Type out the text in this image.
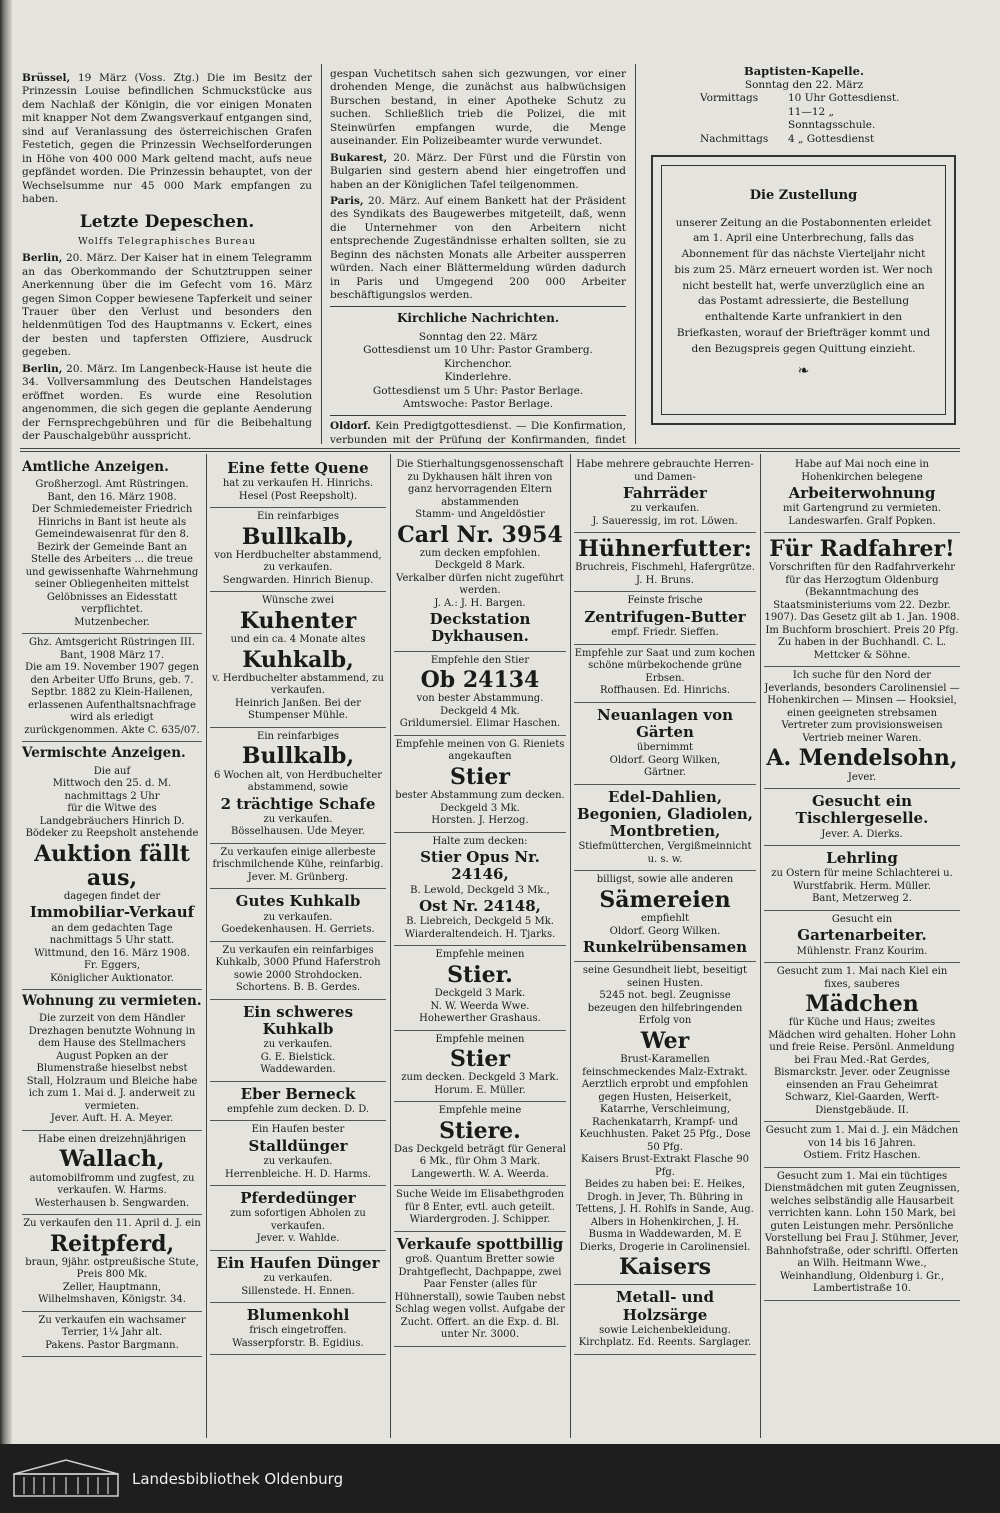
Brüssel, 19 März (Voss. Ztg.) Die im Besitz der Prinzessin Louise befindlichen Schmuckstücke aus dem Nachlaß der Königin, die vor einigen Monaten mit knapper Not dem Zwangsverkauf entgangen sind, sind auf Veranlassung des österreichischen Grafen Festetich, gegen die Prinzessin Wechselforderungen in Höhe von 400 000 Mark geltend macht, aufs neue gepfändet worden. Die Prinzessin behauptet, von der Wechselsumme nur 45 000 Mark empfangen zu haben.

Letzte Depeschen.
Wolffs Telegraphisches Bureau

Berlin, 20. März. Der Kaiser hat in einem Telegramm an das Oberkommando der Schutztruppen seiner Anerkennung über die im Gefecht vom 16. März gegen Simon Copper bewiesene Tapferkeit und seiner Trauer über den Verlust und besonders den heldenmütigen Tod des Hauptmanns v. Eckert, eines der besten und tapfersten Offiziere, Ausdruck gegeben.

Berlin, 20. März. Im Langenbeck-Hause ist heute die 34. Vollversammlung des Deutschen Handelstages eröffnet worden. Es wurde eine Resolution angenommen, die sich gegen die geplante Aenderung der Fernsprechgebühren und für die Beibehaltung der Pauschalgebühr ausspricht.

gespan Vuchetitsch sahen sich gezwungen, vor einer drohenden Menge, die zunächst aus halbwüchsigen Burschen bestand, in einer Apotheke Schutz zu suchen. Schließlich trieb die Polizei, die mit Steinwürfen empfangen wurde, die Menge auseinander. Ein Polizeibeamter wurde verwundet.

Bukarest, 20. März. Der Fürst und die Fürstin von Bulgarien sind gestern abend hier eingetroffen und haben an der Königlichen Tafel teilgenommen.

Paris, 20. März. Auf einem Bankett hat der Präsident des Syndikats des Baugewerbes mitgeteilt, daß, wenn die Unternehmer von den Arbeitern nicht entsprechende Zugeständnisse erhalten sollten, sie zu Beginn des nächsten Monats alle Arbeiter aussperren würden. Nach einer Blättermeldung würden dadurch in Paris und Umgegend 200 000 Arbeiter beschäftigungslos werden.

Kirchliche Nachrichten.
Sonntag den 22. März
Gottesdienst um 10 Uhr: Pastor Gramberg.
Kirchenchor.
Kinderlehre.
Gottesdienst um 5 Uhr: Pastor Berlage.
Amtswoche: Pastor Berlage.

Oldorf. Kein Predigtgottesdienst. — Die Konfirmation, verbunden mit der Prüfung der Konfirmanden, findet

Baptisten-Kapelle.
Sonntag den 22. März
Vormittags	10 Uhr Gottesdienst.
11—12 „ Sonntagsschule.
Nachmittags	4 „ Gottesdienst
Die Zustellung
unserer Zeitung an die Postabonnenten erleidet am 1. April eine Unterbrechung, falls das Abonnement für das nächste Vierteljahr nicht bis zum 25. März erneuert worden ist. Wer noch nicht bestellt hat, werfe unverzüglich eine an das Postamt adressierte, die Bestellung enthaltende Karte unfrankiert in den Briefkasten, worauf der Briefträger kommt und den Bezugspreis gegen Quittung einzieht.
❧
Amtliche Anzeigen.
Großherzogl. Amt Rüstringen.
Bant, den 16. März 1908.
Der Schmiedemeister Friedrich Hinrichs in Bant ist heute als Gemeindewaisenrat für den 8. Bezirk der Gemeinde Bant an Stelle des Arbeiters ... die treue und gewissenhafte Wahrnehmung seiner Obliegenheiten mittelst Gelöbnisses an Eidesstatt verpflichtet.
Mutzenbecher.
Ghz. Amtsgericht Rüstringen III.
Bant, 1908 März 17.
Die am 19. November 1907 gegen den Arbeiter Uffo Bruns, geb. 7. Septbr. 1882 zu Klein-Hailenen, erlassenen Aufenthaltsnachfrage wird als erledigt zurückgenommen. Akte C. 635/07.
Vermischte Anzeigen.
Die auf
Mittwoch den 25. d. M. nachmittags 2 Uhr
für die Witwe des Landgebräuchers Hinrich D. Bödeker zu Reepsholt anstehende
Auktion fällt aus,
dagegen findet der
Immobiliar-Verkauf
an dem gedachten Tage nachmittags 5 Uhr statt.
Wittmund, den 16. März 1908.
Fr. Eggers,
Königlicher Auktionator.
Wohnung zu vermieten.
Die zurzeit von dem Händler Drezhagen benutzte Wohnung in dem Hause des Stellmachers August Popken an der Blumenstraße hieselbst nebst Stall, Holzraum und Bleiche habe ich zum 1. Mai d. J. anderweit zu vermieten.
Jever. Auft. H. A. Meyer.
Habe einen dreizehnjährigen
Wallach,
automobilfromm und zugfest, zu verkaufen. W. Harms. Westerhausen b. Sengwarden.
Zu verkaufen den 11. April d. J. ein
Reitpferd,
braun, 9jähr. ostpreußische Stute, Preis 800 Mk.
Zeller, Hauptmann, Wilhelmshaven, Königstr. 34.
Zu verkaufen ein wachsamer Terrier, 1¼ Jahr alt.
Pakens. Pastor Bargmann.
Eine fette Quene
hat zu verkaufen H. Hinrichs. Hesel (Post Reepsholt).
Ein reinfarbiges
Bullkalb,
von Herdbuchelter abstammend, zu verkaufen.
Sengwarden. Hinrich Bienup.
Wünsche zwei
Kuhenter
und ein ca. 4 Monate altes
Kuhkalb,
v. Herdbuchelter abstammend, zu verkaufen.
Heinrich Janßen. Bei der Stumpenser Mühle.
Ein reinfarbiges
Bullkalb,
6 Wochen alt, von Herdbuchelter abstammend, sowie
2 trächtige Schafe
zu verkaufen.
Bösselhausen. Ude Meyer.
Zu verkaufen einige allerbeste frischmilchende Kühe, reinfarbig.
Jever. M. Grünberg.
Gutes Kuhkalb
zu verkaufen.
Goedekenhausen. H. Gerriets.
Zu verkaufen ein reinfarbiges Kuhkalb, 3000 Pfund Haferstroh sowie 2000 Strohdocken.
Schortens. B. B. Gerdes.
Ein schweres Kuhkalb
zu verkaufen.
G. E. Bielstick.
Waddewarden.
Eber Berneck
empfehle zum decken. D. D.
Ein Haufen bester
Stalldünger
zu verkaufen.
Herrenbleiche. H. D. Harms.
Pferdedünger
zum sofortigen Abholen zu verkaufen.
Jever. v. Wahlde.
Ein Haufen Dünger
zu verkaufen.
Sillenstede. H. Ennen.
Blumenkohl
frisch eingetroffen.
Wasserpforstr. B. Egidius.
Die Stierhaltungsgenossenschaft zu Dykhausen hält ihren von ganz hervorragenden Eltern abstammenden
Stamm- und Angeldöstier
Carl Nr. 3954
zum decken empfohlen.
Deckgeld 8 Mark.
Verkalber dürfen nicht zugeführt werden.
J. A.: J. H. Bargen.
Deckstation Dykhausen.
Empfehle den Stier
Ob 24134
von bester Abstammung. Deckgeld 4 Mk.
Grildumersiel. Elimar Haschen.
Empfehle meinen von G. Rieniets angekauften
Stier
bester Abstammung zum decken. Deckgeld 3 Mk.
Horsten. J. Herzog.
Halte zum decken:
Stier Opus Nr. 24146,
B. Lewold, Deckgeld 3 Mk.,
Ost Nr. 24148,
B. Liebreich, Deckgeld 5 Mk.
Wiarderaltendeich. H. Tjarks.
Empfehle meinen
Stier.
Deckgeld 3 Mark.
N. W. Weerda Wwe.
Hohewerther Grashaus.
Empfehle meinen
Stier
zum decken. Deckgeld 3 Mark.
Horum. E. Müller.
Empfehle meine
Stiere.
Das Deckgeld beträgt für General 6 Mk., für Ohm 3 Mark.
Langewerth. W. A. Weerda.
Suche Weide im Elisabethgroden für 8 Enter, evtl. auch geteilt.
Wiardergroden. J. Schipper.
Verkaufe spottbillig
groß. Quantum Bretter sowie Drahtgeflecht, Dachpappe, zwei Paar Fenster (alles für Hühnerstall), sowie Tauben nebst Schlag wegen vollst. Aufgabe der Zucht. Offert. an die Exp. d. Bl. unter Nr. 3000.
Habe mehrere gebrauchte Herren- und Damen-
Fahrräder
zu verkaufen.
J. Saueressig, im rot. Löwen.
Hühnerfutter:
Bruchreis, Fischmehl, Hafergrütze.
J. H. Bruns.
Feinste frische
Zentrifugen-Butter
empf. Friedr. Sieffen.
Empfehle zur Saat und zum kochen schöne mürbekochende grüne Erbsen.
Roffhausen. Ed. Hinrichs.
Neuanlagen von Gärten
übernimmt
Oldorf. Georg Wilken,
Gärtner.
Edel-Dahlien, Begonien, Gladiolen, Montbretien,
Stiefmütterchen, Vergißmeinnicht u. s. w.
billigst, sowie alle anderen
Sämereien
empfiehlt
Oldorf. Georg Wilken.
Runkelrübensamen
seine Gesundheit liebt, beseitigt seinen Husten.
5245 not. begl. Zeugnisse bezeugen den hilfebringenden Erfolg von
Wer
Brust-Karamellen
feinschmeckendes Malz-Extrakt.
Aerztlich erprobt und empfohlen gegen Husten, Heiserkeit, Katarrhe, Verschleimung, Rachenkatarrh, Krampf- und Keuchhusten. Paket 25 Pfg., Dose 50 Pfg.
Kaisers Brust-Extrakt Flasche 90 Pfg.
Beides zu haben bei: E. Heikes, Drogh. in Jever, Th. Bühring in Tettens, J. H. Rohlfs in Sande, Aug. Albers in Hohenkirchen, J. H. Busma in Waddewarden, M. E Dierks, Drogerie in Carolinensiel.
Kaisers
Metall- und Holzsärge
sowie Leichenbekleidung.
Kirchplatz. Ed. Reents. Sarglager.
Habe auf Mai noch eine in Hohenkirchen belegene
Arbeiterwohnung
mit Gartengrund zu vermieten.
Landeswarfen. Gralf Popken.
Für Radfahrer!
Vorschriften für den Radfahrverkehr für das Herzogtum Oldenburg (Bekanntmachung des Staatsministeriums vom 22. Dezbr. 1907). Das Gesetz gilt ab 1. Jan. 1908. Im Buchform broschiert. Preis 20 Pfg. Zu haben in der Buchhandl. C. L. Mettcker & Söhne.
Ich suche für den Nord der Jeverlands, besonders Carolinensiel — Hohenkirchen — Minsen — Hooksiel, einen geeigneten strebsamen Vertreter zum provisionsweisen Vertrieb meiner Waren.
A. Mendelsohn,
Jever.
Gesucht ein Tischlergeselle.
Jever. A. Dierks.
Lehrling
zu Ostern für meine Schlachterei u. Wurstfabrik. Herm. Müller.
Bant, Metzerweg 2.
Gesucht ein
Gartenarbeiter.
Mühlenstr. Franz Kourim.
Gesucht zum 1. Mai nach Kiel ein fixes, sauberes
Mädchen
für Küche und Haus; zweites Mädchen wird gehalten. Hoher Lohn und freie Reise. Persönl. Anmeldung bei Frau Med.-Rat Gerdes, Bismarckstr. Jever. oder Zeugnisse einsenden an Frau Geheimrat Schwarz, Kiel-Gaarden, Werft-Dienstgebäude. II.
Gesucht zum 1. Mai d. J. ein Mädchen von 14 bis 16 Jahren.
Ostiem. Fritz Haschen.
Gesucht zum 1. Mai ein tüchtiges Dienstmädchen mit guten Zeugnissen, welches selbständig alle Hausarbeit verrichten kann. Lohn 150 Mark, bei guten Leistungen mehr. Persönliche Vorstellung bei Frau J. Stühmer, Jever, Bahnhofstraße, oder schriftl. Offerten an Wilh. Heitmann Wwe., Weinhandlung, Oldenburg i. Gr., Lambertistraße 10.
Landesbibliothek Oldenburg
